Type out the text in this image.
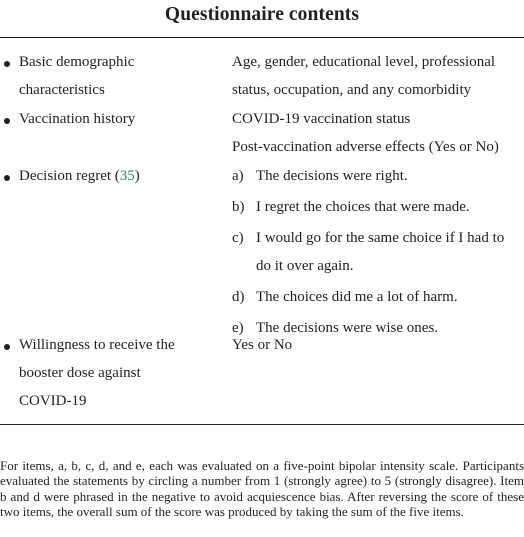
Questionnaire contents
Basic demographic
characteristics
Age, gender, educational level, professional
status, occupation, and any comorbidity
Vaccination history	COVID-19 vaccination status
Post-vaccination adverse effects (Yes or No)
Decision regret (35)	a) The decisions were right.
b) I regret the choices that were made.
c) I would go for the same choice if I had to
do it over again.
d) The choices did me a lot of harm.
e) The decisions were wise ones.
Willingness to receive the
booster dose against
COVID-19
Yes or No
For items, a, b, c, d, and e, each was evaluated on a five-point bipolar intensity scale. Participants evaluated the statements by circling a number from 1 (strongly agree) to 5 (strongly disagree). Item b and d were phrased in the negative to avoid acquiescence bias. After reversing the score of these two items, the overall sum of the score was produced by taking the sum of the five items.
